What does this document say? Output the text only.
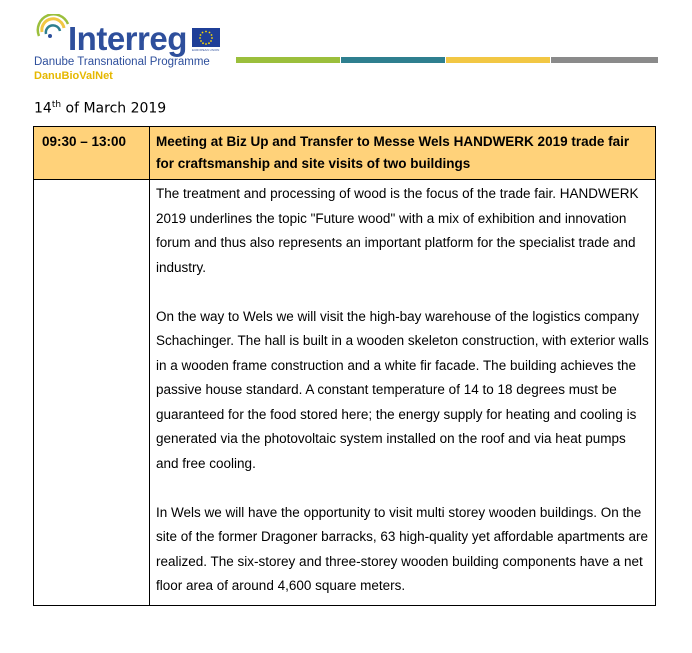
Interreg EUROPEAN UNION
Danube Transnational Programme
DanuBioValNet
14th of March 2019
09:30 – 13:00	Meeting at Biz Up and Transfer to Messe Wels HANDWERK 2019 trade fair for craftsmanship and site visits of two buildings

	The treatment and processing of wood is the focus of the trade fair. HANDWERK 2019 underlines the topic "Future wood" with a mix of exhibition and innovation forum and thus also represents an important platform for the specialist trade and industry.

On the way to Wels we will visit the high-bay warehouse of the logistics company Schachinger. The hall is built in a wooden skeleton construction, with exterior walls in a wooden frame construction and a white fir facade. The building achieves the passive house standard. A constant temperature of 14 to 18 degrees must be guaranteed for the food stored here; the energy supply for heating and cooling is generated via the photovoltaic system installed on the roof and via heat pumps and free cooling.

In Wels we will have the opportunity to visit multi storey wooden buildings. On the site of the former Dragoner barracks, 63 high-quality yet affordable apartments are realized. The six-storey and three-storey wooden building components have a net floor area of around 4,600 square meters.
